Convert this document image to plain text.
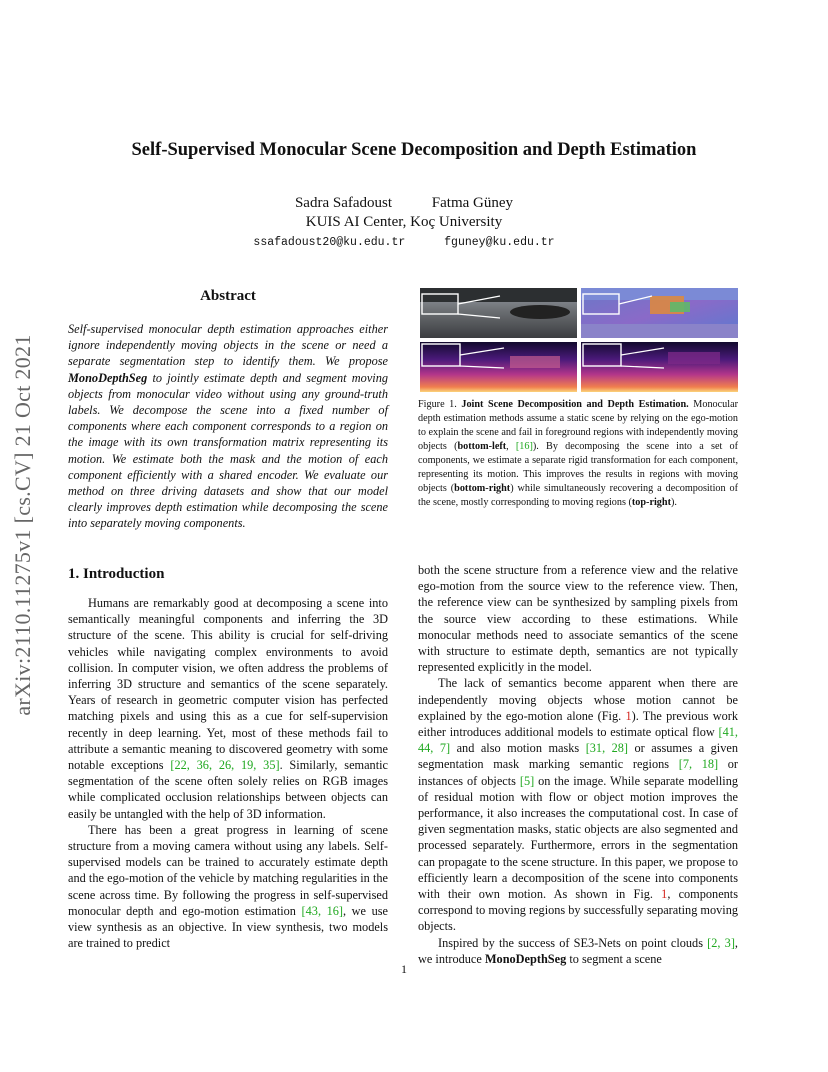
Self-Supervised Monocular Scene Decomposition and Depth Estimation
Sadra Safadoust	Fatma Güney
KUIS AI Center, Koç University
ssafadoust20@ku.edu.tr	fguney@ku.edu.tr
arXiv:2110.11275v1 [cs.CV] 21 Oct 2021
Abstract
Self-supervised monocular depth estimation approaches either ignore independently moving objects in the scene or need a separate segmentation step to identify them. We propose MonoDepthSeg to jointly estimate depth and segment moving objects from monocular video without using any ground-truth labels. We decompose the scene into a fixed number of components where each component corresponds to a region on the image with its own transformation matrix representing its motion. We estimate both the mask and the motion of each component efficiently with a shared encoder. We evaluate our method on three driving datasets and show that our model clearly improves depth estimation while decomposing the scene into separately moving components.
Figure 1. Joint Scene Decomposition and Depth Estimation. Monocular depth estimation methods assume a static scene by relying on the ego-motion to explain the scene and fail in foreground regions with independently moving objects (bottom-left, [16]). By decomposing the scene into a set of components, we estimate a separate rigid transformation for each component, representing its motion. This improves the results in regions with moving objects (bottom-right) while simultaneously recovering a decomposition of the scene, mostly corresponding to moving regions (top-right).
1. Introduction

Humans are remarkably good at decomposing a scene into semantically meaningful components and inferring the 3D structure of the scene. This ability is crucial for self-driving vehicles while navigating complex environments to avoid collision. In computer vision, we often address the problems of inferring 3D structure and semantics of the scene separately. Years of research in geometric computer vision has perfected matching pixels and using this as a cue for self-supervision recently in deep learning. Yet, most of these methods fail to attribute a semantic meaning to discovered geometry with some notable exceptions [22, 36, 26, 19, 35]. Similarly, semantic segmentation of the scene often solely relies on RGB images while complicated occlusion relationships between objects can easily be untangled with the help of 3D information.

There has been a great progress in learning of scene structure from a moving camera without using any labels. Self-supervised models can be trained to accurately estimate depth and the ego-motion of the vehicle by matching regularities in the scene across time. By following the progress in self-supervised monocular depth and ego-motion estimation [43, 16], we use view synthesis as an objective. In view synthesis, two models are trained to predict

both the scene structure from a reference view and the relative ego-motion from the source view to the reference view. Then, the reference view can be synthesized by sampling pixels from the source view according to these estimations. While monocular methods need to associate semantics of the scene with structure to estimate depth, semantics are not typically represented explicitly in the model.

The lack of semantics become apparent when there are independently moving objects whose motion cannot be explained by the ego-motion alone (Fig. 1). The previous work either introduces additional models to estimate optical flow [41, 44, 7] and also motion masks [31, 28] or assumes a given segmentation mask marking semantic regions [7, 18] or instances of objects [5] on the image. While separate modelling of residual motion with flow or object motion improves the performance, it also increases the computational cost. In case of given segmentation masks, static objects are also segmented and processed separately. Furthermore, errors in the segmentation can propagate to the scene structure. In this paper, we propose to efficiently learn a decomposition of the scene into components with their own motion. As shown in Fig. 1, components correspond to moving regions by successfully separating moving objects.

Inspired by the success of SE3-Nets on point clouds [2, 3], we introduce MonoDepthSeg to segment a scene

1
